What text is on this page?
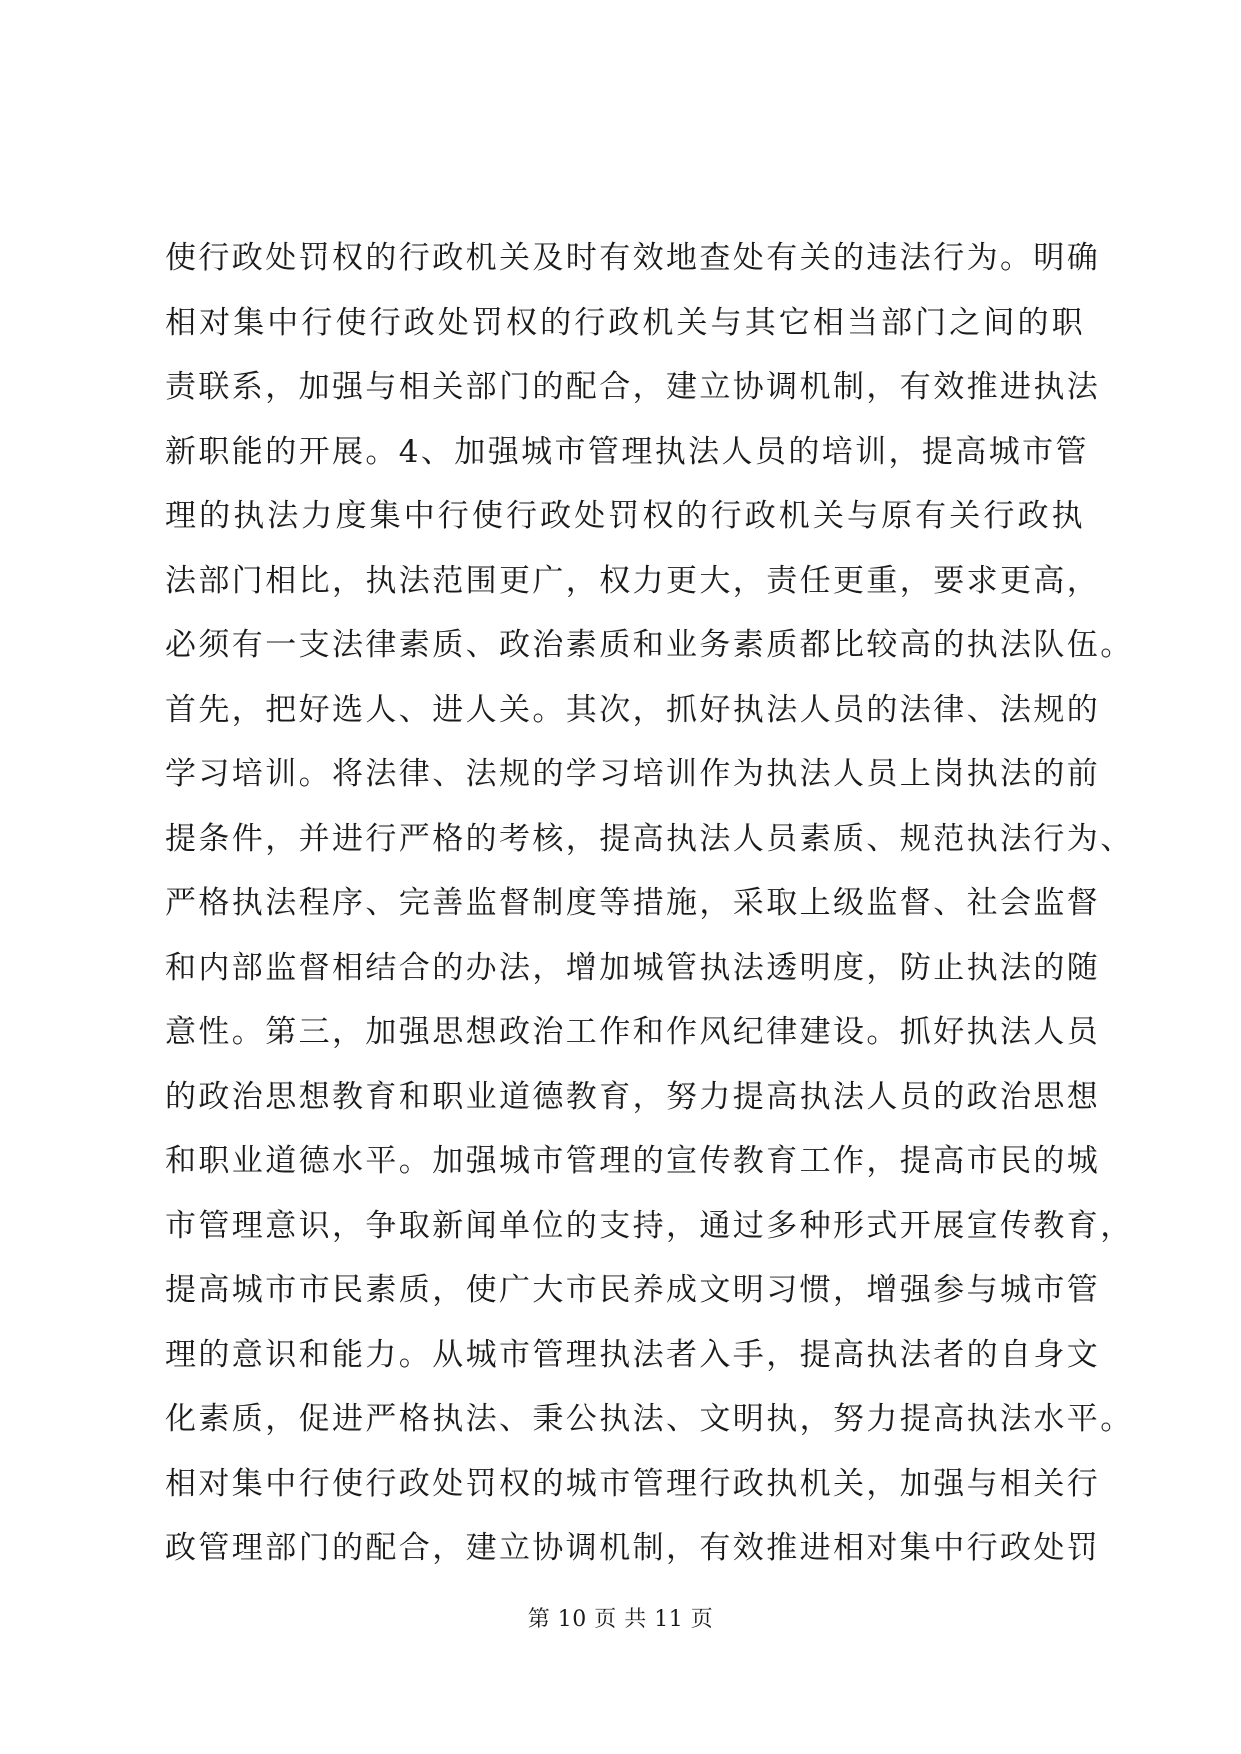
使行政处罚权的行政机关及时有效地查处有关的违法行为。明确
相对集中行使行政处罚权的行政机关与其它相当部门之间的职
责联系，加强与相关部门的配合，建立协调机制，有效推进执法
新职能的开展。4、加强城市管理执法人员的培训，提高城市管
理的执法力度集中行使行政处罚权的行政机关与原有关行政执
法部门相比，执法范围更广，权力更大，责任更重，要求更高，
必须有一支法律素质、政治素质和业务素质都比较高的执法队伍。
首先，把好选人、进人关。其次，抓好执法人员的法律、法规的
学习培训。将法律、法规的学习培训作为执法人员上岗执法的前
提条件，并进行严格的考核，提高执法人员素质、规范执法行为、
严格执法程序、完善监督制度等措施，采取上级监督、社会监督
和内部监督相结合的办法，增加城管执法透明度，防止执法的随
意性。第三，加强思想政治工作和作风纪律建设。抓好执法人员
的政治思想教育和职业道德教育，努力提高执法人员的政治思想
和职业道德水平。加强城市管理的宣传教育工作，提高市民的城
市管理意识，争取新闻单位的支持，通过多种形式开展宣传教育，
提高城市市民素质，使广大市民养成文明习惯，增强参与城市管
理的意识和能力。从城市管理执法者入手，提高执法者的自身文
化素质，促进严格执法、秉公执法、文明执，努力提高执法水平。
相对集中行使行政处罚权的城市管理行政执机关，加强与相关行
政管理部门的配合，建立协调机制，有效推进相对集中行政处罚
第 10 页 共 11 页
